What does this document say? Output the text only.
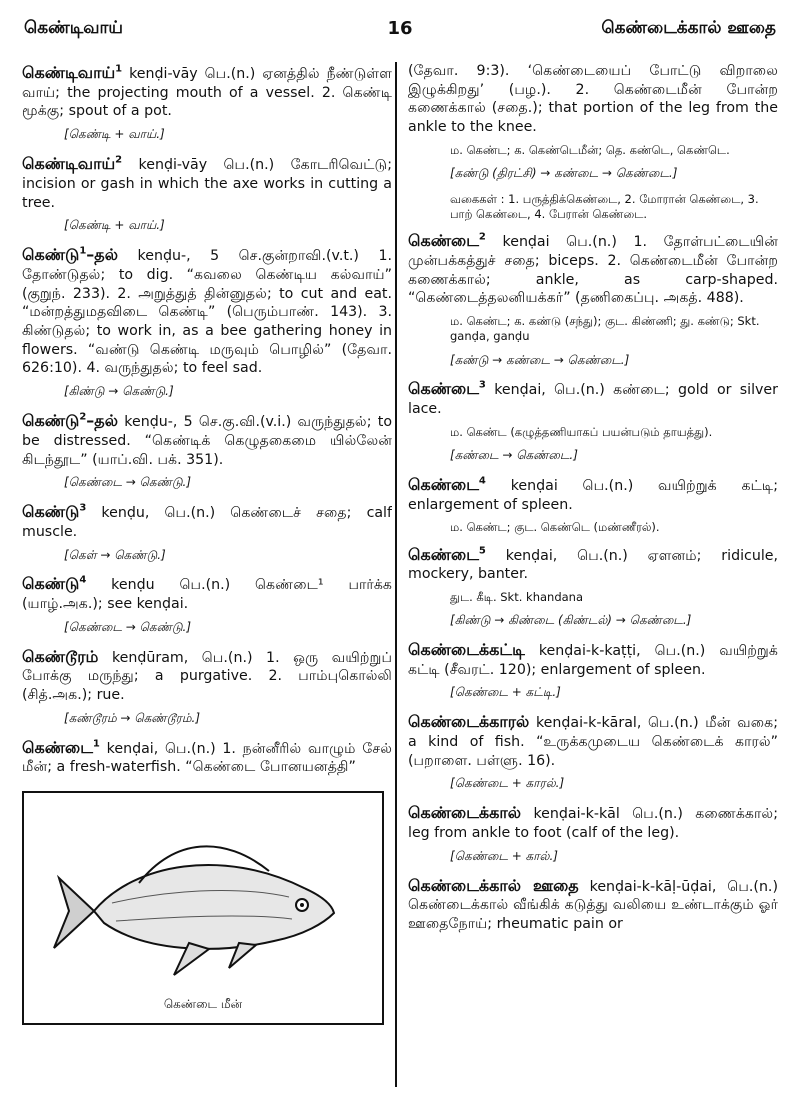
கெண்டிவாய்	16	கெண்டைக்கால் ஊதை
கெண்டிவாய்$^1$ kenḍi-vāy பெ.(n.) ஏனத்தில் நீண்டுள்ள வாய்; the projecting mouth of a vessel. 2. கெண்டி மூக்கு; spout of a pot.
[கெண்டி + வாய்.]
கெண்டிவாய்$^2$ kenḍi-vāy பெ.(n.) கோடரிவெட்டு; incision or gash in which the axe works in cutting a tree.
[கெண்டி + வாய்.]
கெண்டு$^1$–தல் kenḍu-, 5 செ.குன்றாவி.(v.t.) 1. தோண்டுதல்; to dig. “கவலை கெண்டிய கல்வாய்” (குறுந். 233). 2. அறுத்துத் தின்னுதல்; to cut and eat. “மன்றத்துமதவிடை கெண்டி” (பெரும்பாண். 143). 3. கிண்டுதல்; to work in, as a bee gathering honey in flowers. “வண்டு கெண்டி மருவும் பொழில்” (தேவா. 626:10). 4. வருந்துதல்; to feel sad.
[கிண்டு → கெண்டு.]
கெண்டு$^2$–தல் kenḍu-, 5 செ.கு.வி.(v.i.) வருந்துதல்; to be distressed. “கெண்டிக் கெழுதகைமை யில்லேன் கிடந்தூட” (யாப்.வி. பக். 351).
[கெண்டை → கெண்டு.]
கெண்டு$^3$ kenḍu, பெ.(n.) கெண்டைச் சதை; calf muscle.
[கெள் → கெண்டு.]
கெண்டு$^4$ kenḍu பெ.(n.) கெண்டை¹ பார்க்க (யாழ்.அக.); see kenḍai.
[கெண்டை → கெண்டு.]
கெண்டூரம் kenḍūram, பெ.(n.) 1. ஒரு வயிற்றுப் போக்கு மருந்து; a purgative. 2. பாம்புகொல்லி (சித்.அக.); rue.
[கண்டூரம் → கெண்டூரம்.]
கெண்டை$^1$ kenḍai, பெ.(n.) 1. நன்னீரில் வாழும் சேல் மீன்; a fresh-waterfish. “கெண்டை போனயனத்தி”
கெண்டை மீன்
(தேவா. 9:3). ‘கெண்டையைப் போட்டு விறாலை இழுக்கிறது’ (பழ.). 2. கெண்டைமீன் போன்ற கணைக்கால் (சதை.); that portion of the leg from the ankle to the knee.
ம. கெண்ட; க. கெண்டெமீன்; தெ. கண்டெ, கெண்டெ.
[கண்டு (திரட்சி) → கண்டை → கெண்டை.]
வகைகள் : 1. பருத்திக்கெண்டை, 2. மோரான் கெண்டை, 3. பாற் கெண்டை, 4. பேரான் கெண்டை.
கெண்டை$^2$ kenḍai பெ.(n.) 1. தோள்பட்டையின் முன்பக்கத்துச் சதை; biceps. 2. கெண்டைமீன் போன்ற கணைக்கால்; ankle, as carp-shaped. “கெண்டைத்தலனியக்கர்” (தணிகைப்பு. அகத். 488).
ம. கெண்ட; க. கண்டு (சந்து); குட. கிண்ணி; து. கண்டு; Skt. ganḍa, ganḍu
[கண்டு → கண்டை → கெண்டை.]
கெண்டை$^3$ kenḍai, பெ.(n.) கண்டை; gold or silver lace.
ம. கெண்ட (கழுத்தணியாகப் பயன்படும் தாயத்து).
[கண்டை → கெண்டை.]
கெண்டை$^4$ kenḍai பெ.(n.) வயிற்றுக் கட்டி; enlargement of spleen.
ம. கெண்ட; குட. கெண்டெ (மண்ணீரல்).
கெண்டை$^5$ kenḍai, பெ.(n.) ஏளனம்; ridicule, mockery, banter.
துட. கீடி. Skt. khandana
[கிண்டு → கிண்டை (கிண்டல்) → கெண்டை.]
கெண்டைக்கட்டி kenḍai-k-kaṭṭi, பெ.(n.) வயிற்றுக் கட்டி (சீவரட். 120); enlargement of spleen.
[கெண்டை + கட்டி.]
கெண்டைக்காரல் kenḍai-k-kāral, பெ.(n.) மீன் வகை; a kind of fish. “உருக்கமுடைய கெண்டைக் காரல்” (பறாளை. பள்ளு. 16).
[கெண்டை + காரல்.]
கெண்டைக்கால் kenḍai-k-kāl பெ.(n.) கணைக்கால்; leg from ankle to foot (calf of the leg).
[கெண்டை + கால்.]
கெண்டைக்கால் ஊதை kenḍai-k-kāḷ-ūḍai, பெ.(n.) கெண்டைக்கால் வீங்கிக் கடுத்து வலியை உண்டாக்கும் ஓர் ஊதைநோய்; rheumatic pain or
